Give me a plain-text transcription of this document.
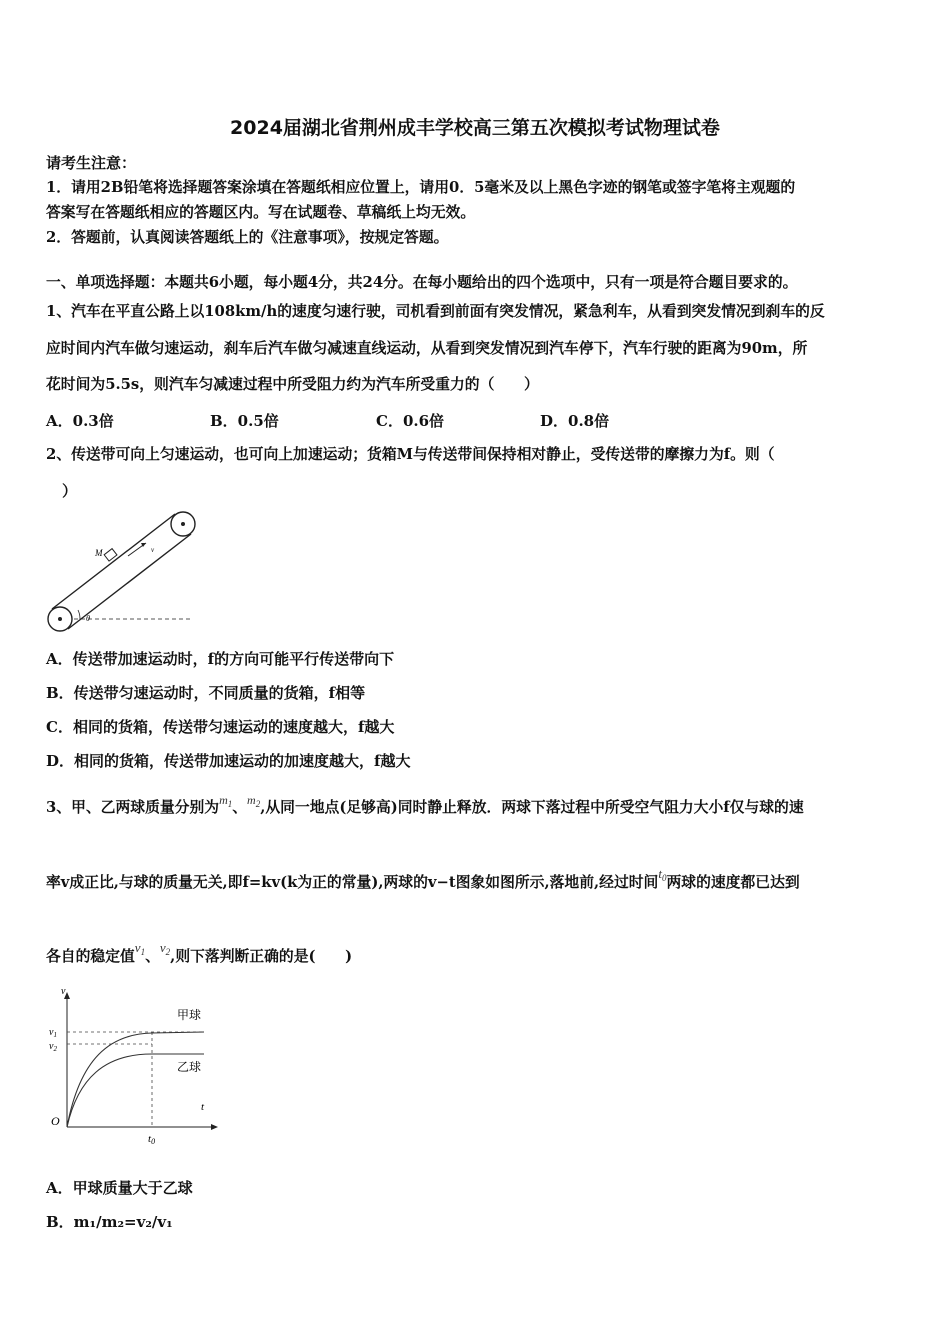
2024届湖北省荆州成丰学校高三第五次模拟考试物理试卷
请考生注意：
1．请用2B铅笔将选择题答案涂填在答题纸相应位置上，请用0．5毫米及以上黑色字迹的钢笔或签字笔将主观题的
答案写在答题纸相应的答题区内。写在试题卷、草稿纸上均无效。
2．答题前，认真阅读答题纸上的《注意事项》，按规定答题。
一、单项选择题：本题共6小题，每小题4分，共24分。在每小题给出的四个选项中，只有一项是符合题目要求的。
1、汽车在平直公路上以108km/h的速度匀速行驶，司机看到前面有突发情况，紧急利车，从看到突发情况到刹车的反
应时间内汽车做匀速运动，刹车后汽车做匀减速直线运动，从看到突发情况到汽车停下，汽车行驶的距离为90m，所
花时间为5.5s，则汽车匀减速过程中所受阻力约为汽车所受重力的（　　）
A．0.3倍	B．0.5倍	C．0.6倍	D．0.8倍
2、传送带可向上匀速运动，也可向上加速运动；货箱M与传送带间保持相对静止，受传送带的摩擦力为f。则（
）
M	v
θ
A．传送带加速运动时，f的方向可能平行传送带向下
B．传送带匀速运动时，不同质量的货箱，f相等
C．相同的货箱，传送带匀速运动的速度越大，f越大
D．相同的货箱，传送带加速运动的加速度越大，f越大
3、甲、乙两球质量分别为$^{m_1}$、$^{m_2}$,从同一地点(足够高)同时静止释放．两球下落过程中所受空气阻力大小f仅与球的速
率v成正比,与球的质量无关,即f=kv(k为正的常量),两球的v−t图象如图所示,落地前,经过时间$t_0$两球的速度都已达到
各自的稳定值$v_1$、$v_2$,则下落判断正确的是(　　)
v
t
O
$v_1$
$v_2$
t0
甲球
乙球
A．甲球质量大于乙球
B．m₁/m₂=v₂/v₁
